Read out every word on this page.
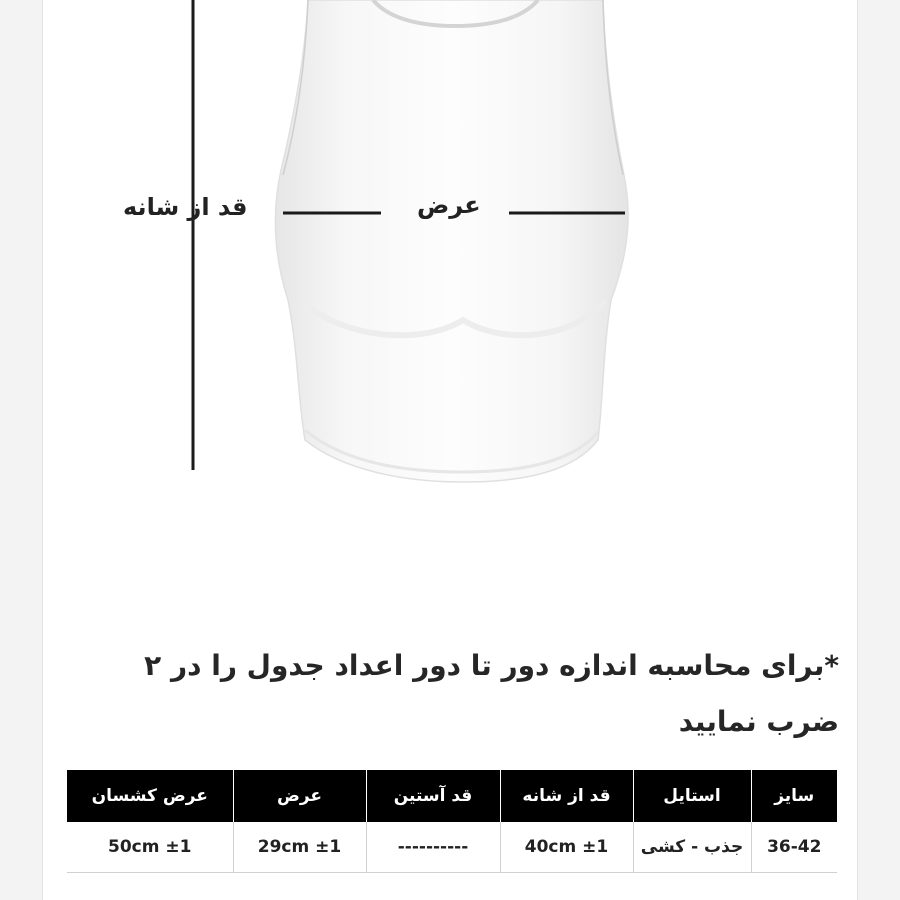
قد از شانه	عرض
*برای محاسبه اندازه دور تا دور اعداد جدول را در ۲ ضرب نمایید
سایز	استایل	قد از شانه	قد آستین	عرض	عرض کشسان
36-42	جذب - کشی	40cm ±1	----------	29cm ±1	50cm ±1
